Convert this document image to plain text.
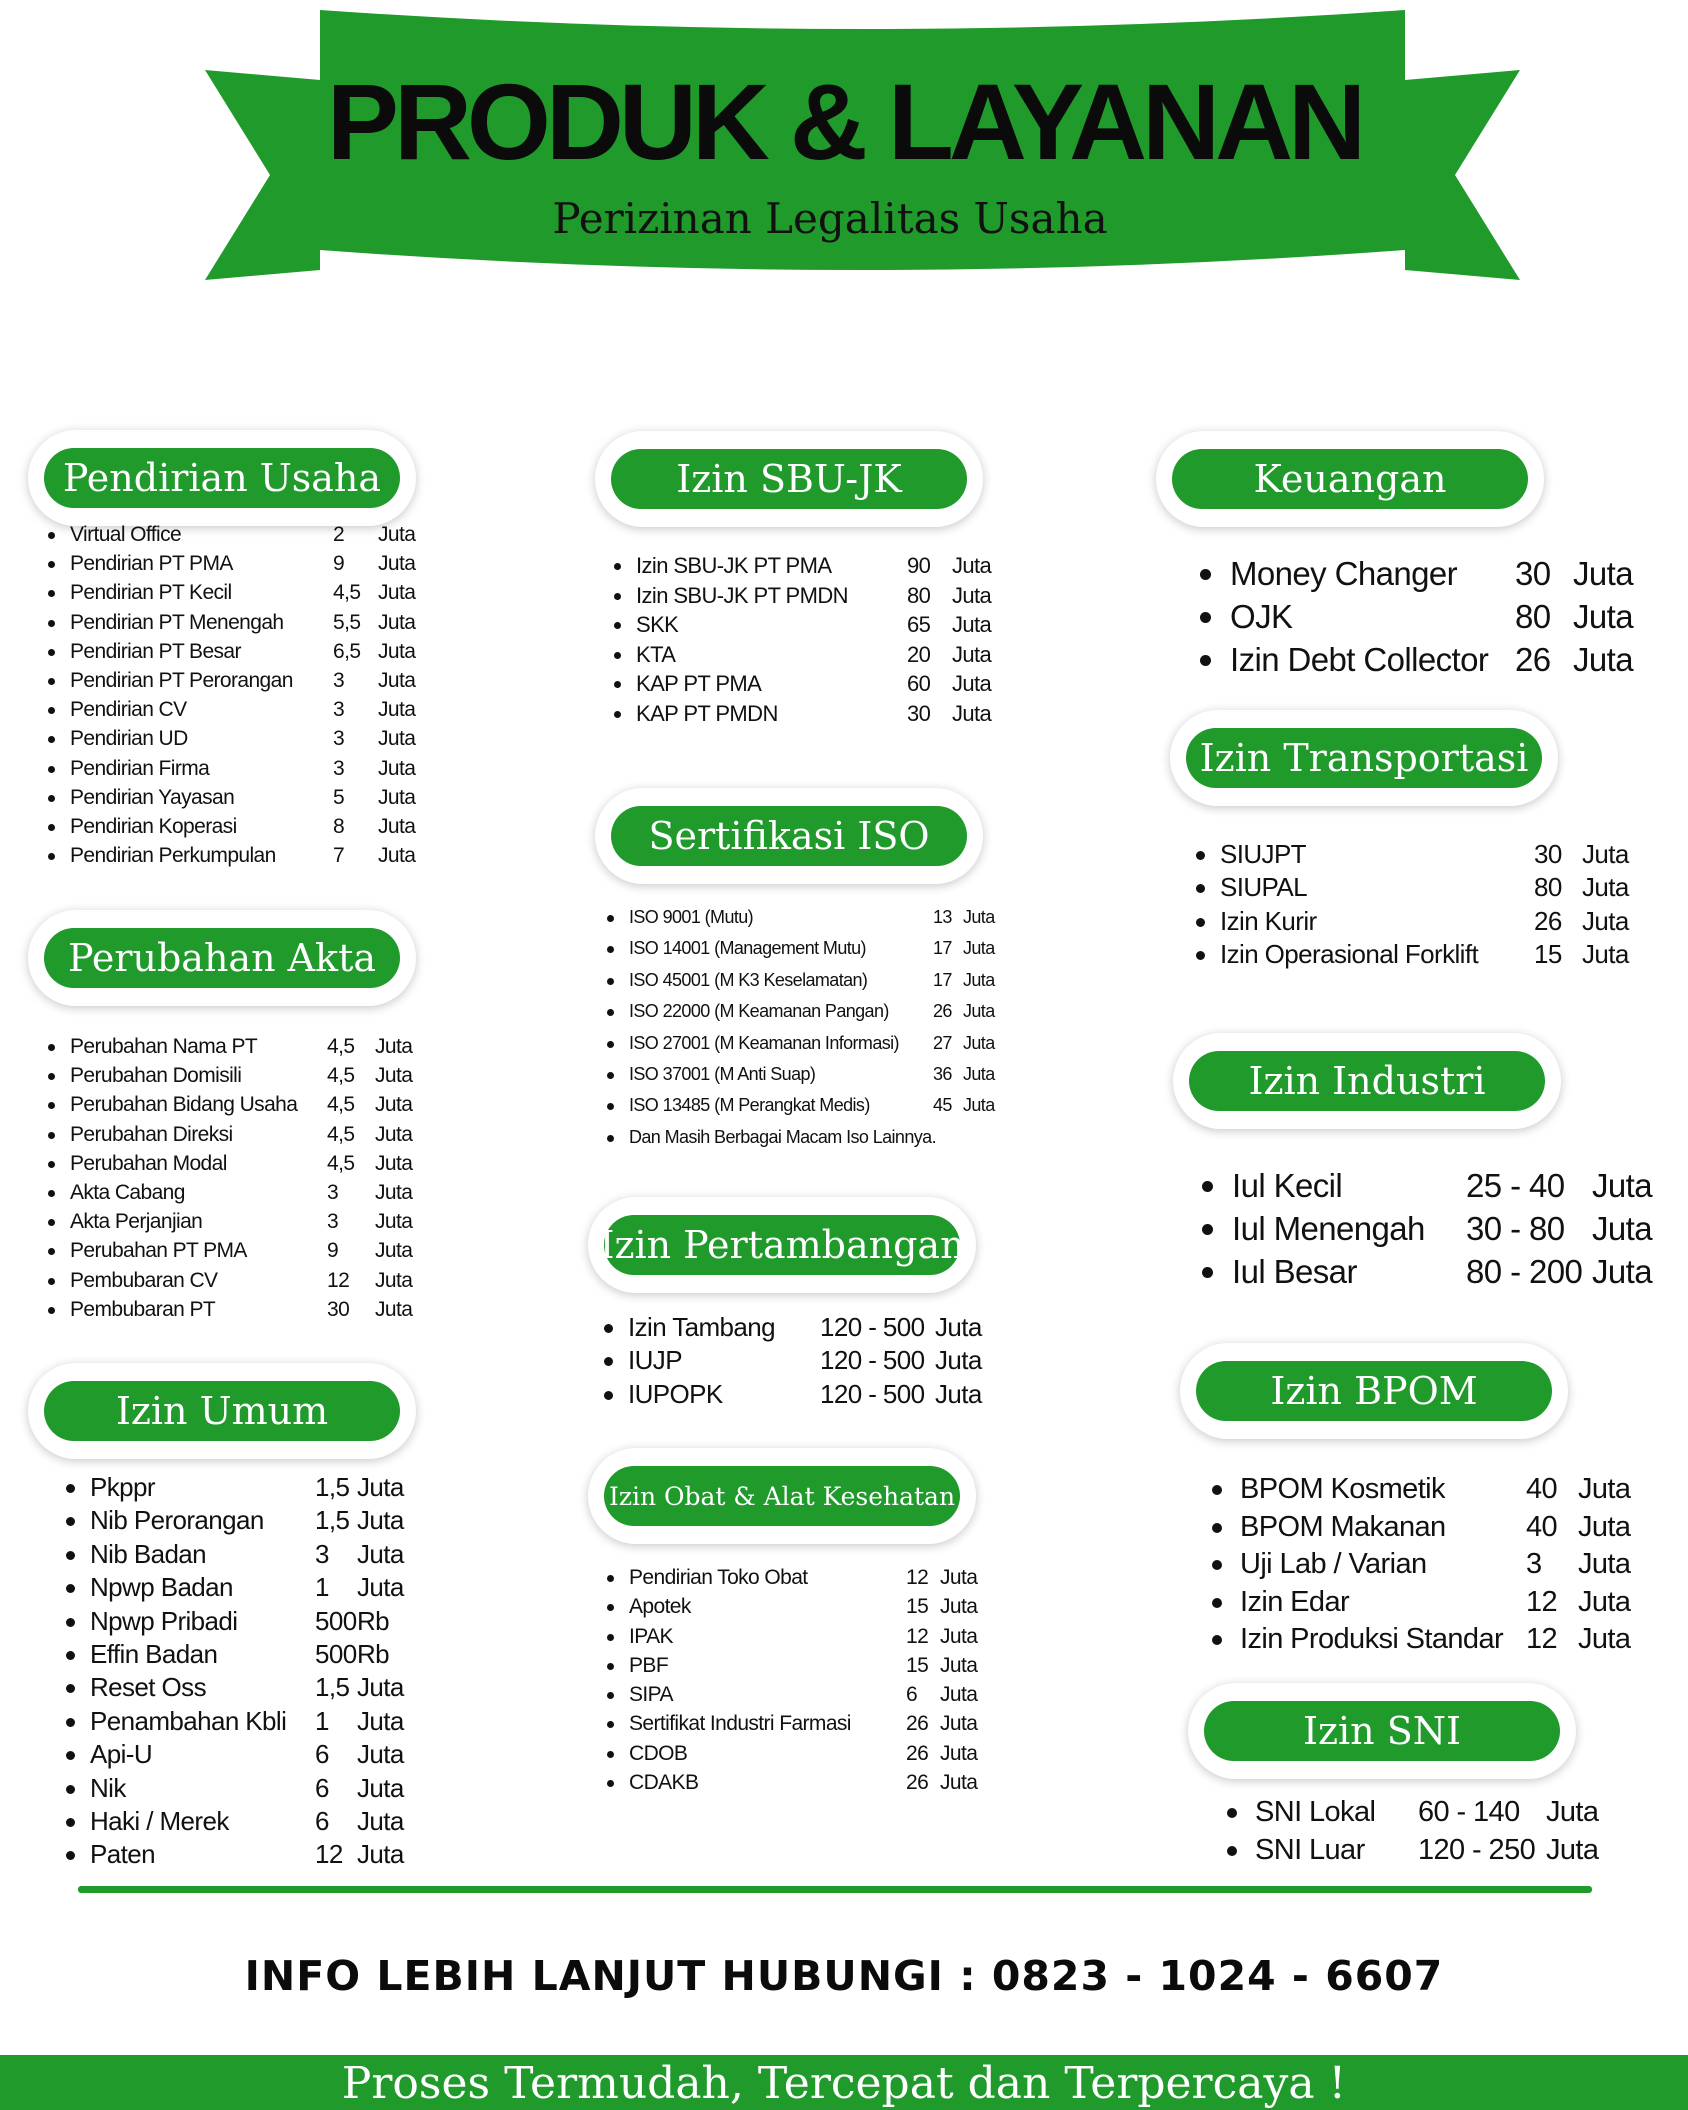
PRODUK & LAYANAN
Perizinan Legalitas Usaha
Pendirian Usaha
Perubahan Akta
Izin Umum
Izin SBU-JK
Sertifikasi ISO
Izin Pertambangan
Izin Obat & Alat Kesehatan
Keuangan
Izin Transportasi
Izin Industri
Izin BPOM
Izin SNI
Virtual Office	2 Juta
Pendirian PT PMA	9 Juta
Pendirian PT Kecil	4,5 Juta
Pendirian PT Menengah 5,5 Juta
Pendirian PT Besar	6,5 Juta
Pendirian PT Perorangan 3 Juta
Pendirian CV	3 Juta
Pendirian UD	3 Juta
Pendirian Firma	3 Juta
Pendirian Yayasan	5 Juta
Pendirian Koperasi	8 Juta
Pendirian Perkumpulan	7 Juta
Perubahan Nama PT	4,5 Juta
Perubahan Domisili	4,5 Juta
Perubahan Bidang Usaha 4,5 Juta
Perubahan Direksi	4,5 Juta
Perubahan Modal	4,5 Juta
Akta Cabang	3 Juta
Akta Perjanjian	3 Juta
Perubahan PT PMA	9 Juta
Pembubaran CV	12 Juta
Pembubaran PT	30 Juta
Pkppr	1,5 Juta
Nib Perorangan 1,5 Juta
Nib Badan	3 Juta
Npwp Badan	1 Juta
Npwp Pribadi	500 Rb
Effin Badan	500 Rb
Reset Oss	1,5 Juta
Penambahan Kbli 1 Juta
Api-U	6 Juta
Nik	6 Juta
Haki / Merek	6 Juta
Paten	12 Juta
Izin SBU-JK PT PMA	90 Juta
Izin SBU-JK PT PMDN	80 Juta
SKK	65 Juta
KTA	20 Juta
KAP PT PMA	60 Juta
KAP PT PMDN	30 Juta
ISO 9001 (Mutu)	13 Juta
ISO 14001 (Management Mutu)	17 Juta
ISO 45001 (M K3 Keselamatan)	17 Juta
ISO 22000 (M Keamanan Pangan) 26 Juta
ISO 27001 (M Keamanan Informasi) 27 Juta
ISO 37001 (M Anti Suap)	36 Juta
ISO 13485 (M Perangkat Medis)	45 Juta
Dan Masih Berbagai Macam Iso Lainnya.
Izin Tambang 120 - 500 Juta
IUJP	120 - 500 Juta
IUPOPK	120 - 500 Juta
Pendirian Toko Obat	12 Juta
Apotek	15 Juta
IPAK	12 Juta
PBF	15 Juta
SIPA	6 Juta
Sertifikat Industri Farmasi	26 Juta
CDOB	26 Juta
CDAKB	26 Juta
Money Changer 30 Juta
OJK	80 Juta
Izin Debt Collector 26 Juta
SIUJPT	30 Juta
SIUPAL	80 Juta
Izin Kurir	26 Juta
Izin Operasional Forklift 15 Juta
Iul Kecil	25 - 40 Juta
Iul Menengah 30 - 80 Juta
Iul Besar	80 - 200 Juta
BPOM Kosmetik	40 Juta
BPOM Makanan	40 Juta
Uji Lab / Varian	3 Juta
Izin Edar	12 Juta
Izin Produksi Standar 12 Juta
SNI Lokal 60 - 140 Juta
SNI Luar 120 - 250 Juta
INFO LEBIH LANJUT HUBUNGI : 0823 - 1024 - 6607
Proses Termudah, Tercepat dan Terpercaya !
